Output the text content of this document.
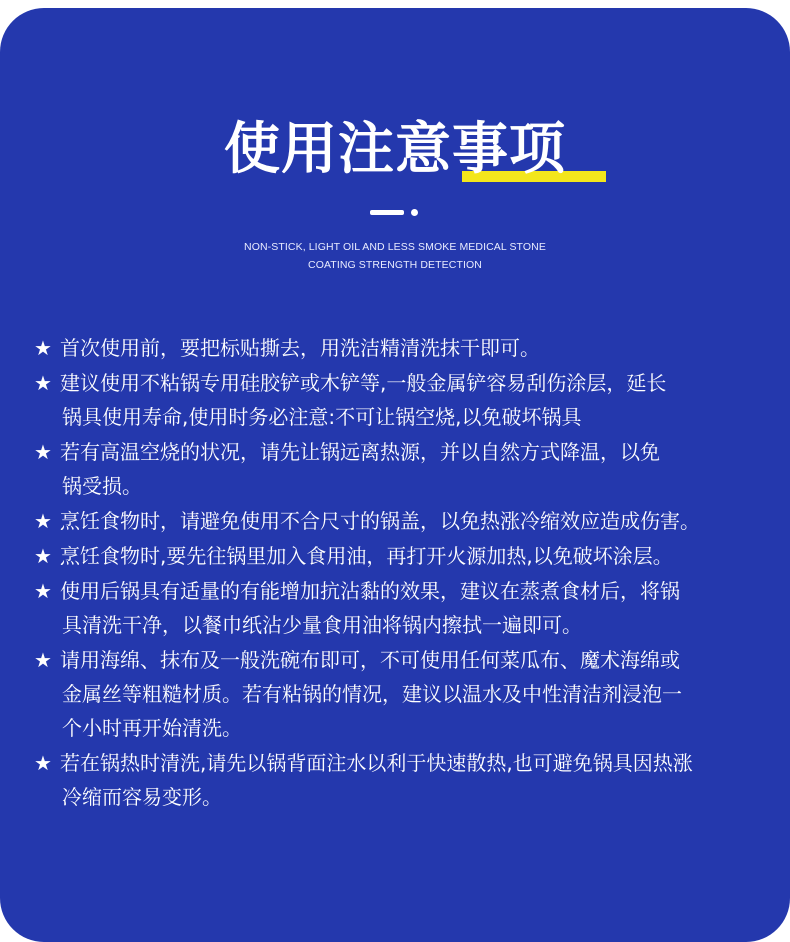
使用注意事项
NON-STICK, LIGHT OIL AND LESS SMOKE MEDICAL STONE
COATING STRENGTH DETECTION
★ 首次使用前，要把标贴撕去，用洗洁精清洗抹干即可。
★ 建议使用不粘锅专用硅胶铲或木铲等,一般金属铲容易刮伤涂层，延长
锅具使用寿命,使用时务必注意:不可让锅空烧,以免破坏锅具
★ 若有高温空烧的状况，请先让锅远离热源，并以自然方式降温，以免
锅受损。
★ 烹饪食物时，请避免使用不合尺寸的锅盖，以免热涨冷缩效应造成伤害。
★ 烹饪食物时,要先往锅里加入食用油，再打开火源加热,以免破坏涂层。
★ 使用后锅具有适量的有能增加抗沾黏的效果，建议在蒸煮食材后，将锅
具清洗干净，以餐巾纸沾少量食用油将锅内擦拭一遍即可。
★ 请用海绵、抹布及一般洗碗布即可，不可使用任何菜瓜布、魔术海绵或
金属丝等粗糙材质。若有粘锅的情况，建议以温水及中性清洁剂浸泡一
个小时再开始清洗。
★ 若在锅热时清洗,请先以锅背面注水以利于快速散热,也可避免锅具因热涨
冷缩而容易变形。
